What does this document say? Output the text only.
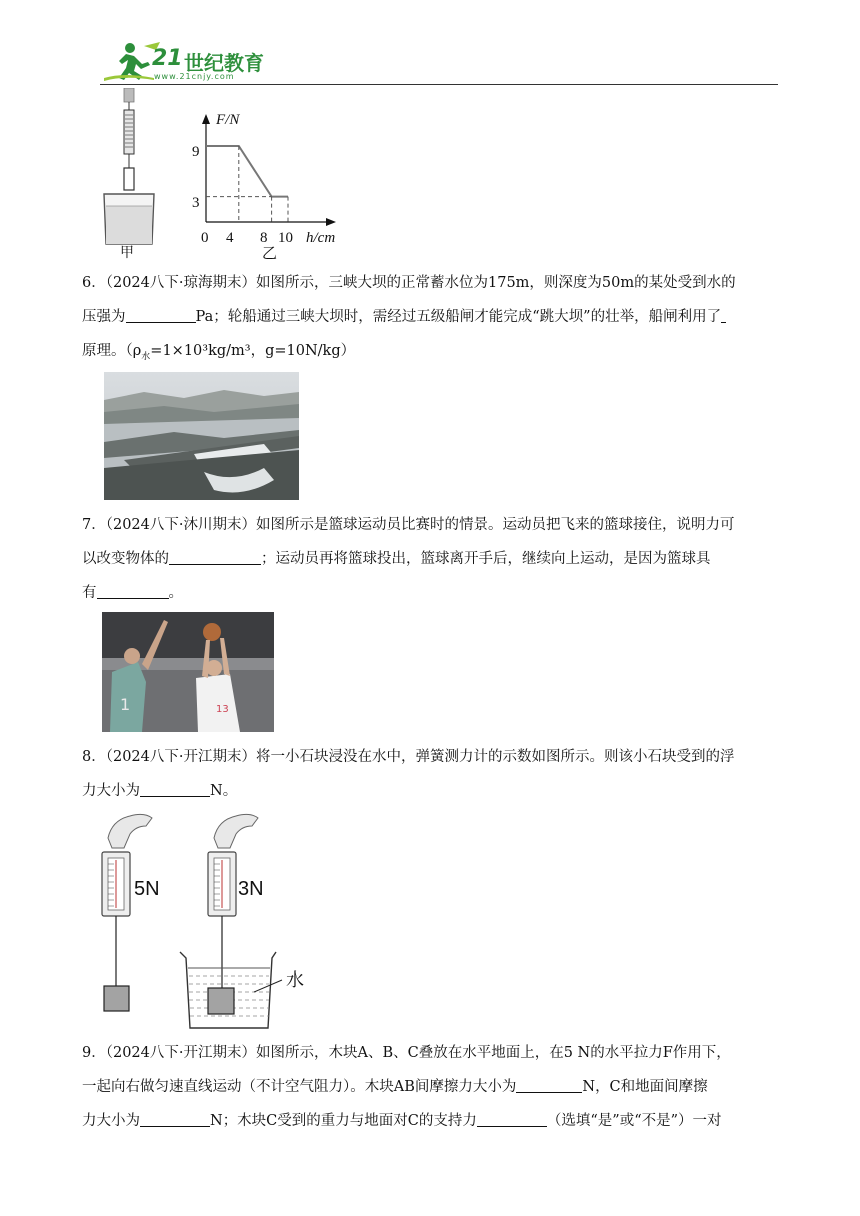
21 世纪教育
www.21cnjy.com
甲
F/N
9
3
0 4 8 10 h/cm
乙

6．（2024八下·琼海期末）如图所示，三峡大坝的正常蓄水位为175m，则深度为50m的某处受到水的

压强为	Pa；轮船通过三峡大坝时，需经过五级船闸才能完成“跳大坝”的壮举，船闸利用了

原理。（$\rho_水=1\times 10^3kg/m^3$，g=10N/kg）

7．（2024八下·沐川期末）如图所示是篮球运动员比赛时的情景。运动员把飞来的篮球接住，说明力可

以改变物体的	；运动员再将篮球投出，篮球离开手后，继续向上运动，是因为篮球具

有	。

1	13

8．（2024八下·开江期末）将一小石块浸没在水中，弹簧测力计的示数如图所示。则该小石块受到的浮

力大小为	N。

5N	3N
水

9．（2024八下·开江期末）如图所示，木块A、B、C叠放在水平地面上，在5 N的水平拉力F作用下，

一起向右做匀速直线运动（不计空气阻力）。木块AB间摩擦力大小为	N，C和地面间摩擦

力大小为	N；木块C受到的重力与地面对C的支持力	（选填“是”或“不是”）一对
